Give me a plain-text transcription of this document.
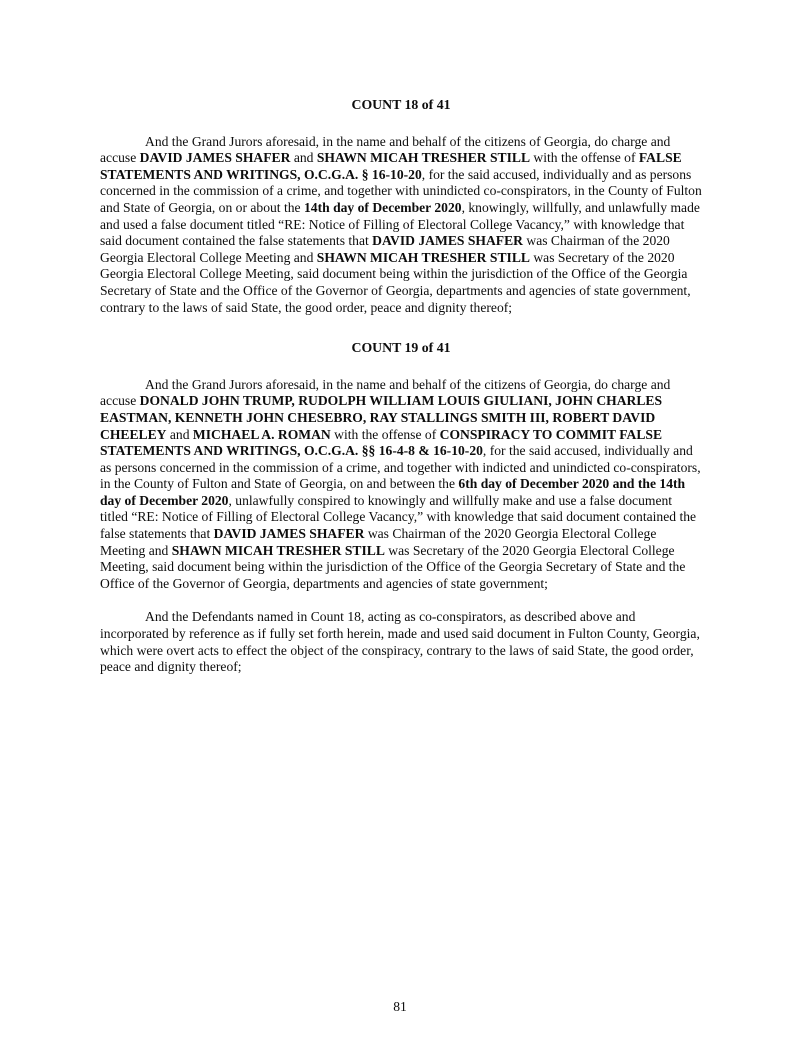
COUNT 18 of 41

And the Grand Jurors aforesaid, in the name and behalf of the citizens of Georgia, do charge and accuse DAVID JAMES SHAFER and SHAWN MICAH TRESHER STILL with the offense of FALSE STATEMENTS AND WRITINGS, O.C.G.A. § 16-10-20, for the said accused, individually and as persons concerned in the commission of a crime, and together with unindicted co-conspirators, in the County of Fulton and State of Georgia, on or about the 14th day of December 2020, knowingly, willfully, and unlawfully made and used a false document titled “RE: Notice of Filling of Electoral College Vacancy,” with knowledge that said document contained the false statements that DAVID JAMES SHAFER was Chairman of the 2020 Georgia Electoral College Meeting and SHAWN MICAH TRESHER STILL was Secretary of the 2020 Georgia Electoral College Meeting, said document being within the jurisdiction of the Office of the Georgia Secretary of State and the Office of the Governor of Georgia, departments and agencies of state government, contrary to the laws of said State, the good order, peace and dignity thereof;

COUNT 19 of 41

And the Grand Jurors aforesaid, in the name and behalf of the citizens of Georgia, do charge and accuse DONALD JOHN TRUMP, RUDOLPH WILLIAM LOUIS GIULIANI, JOHN CHARLES EASTMAN, KENNETH JOHN CHESEBRO, RAY STALLINGS SMITH III, ROBERT DAVID CHEELEY and MICHAEL A. ROMAN with the offense of CONSPIRACY TO COMMIT FALSE STATEMENTS AND WRITINGS, O.C.G.A. §§ 16-4-8 & 16-10-20, for the said accused, individually and as persons concerned in the commission of a crime, and together with indicted and unindicted co-conspirators, in the County of Fulton and State of Georgia, on and between the 6th day of December 2020 and the 14th day of December 2020, unlawfully conspired to knowingly and willfully make and use a false document titled “RE: Notice of Filling of Electoral College Vacancy,” with knowledge that said document contained the false statements that DAVID JAMES SHAFER was Chairman of the 2020 Georgia Electoral College Meeting and SHAWN MICAH TRESHER STILL was Secretary of the 2020 Georgia Electoral College Meeting, said document being within the jurisdiction of the Office of the Georgia Secretary of State and the Office of the Governor of Georgia, departments and agencies of state government;

And the Defendants named in Count 18, acting as co-conspirators, as described above and incorporated by reference as if fully set forth herein, made and used said document in Fulton County, Georgia, which were overt acts to effect the object of the conspiracy, contrary to the laws of said State, the good order, peace and dignity thereof;

81
